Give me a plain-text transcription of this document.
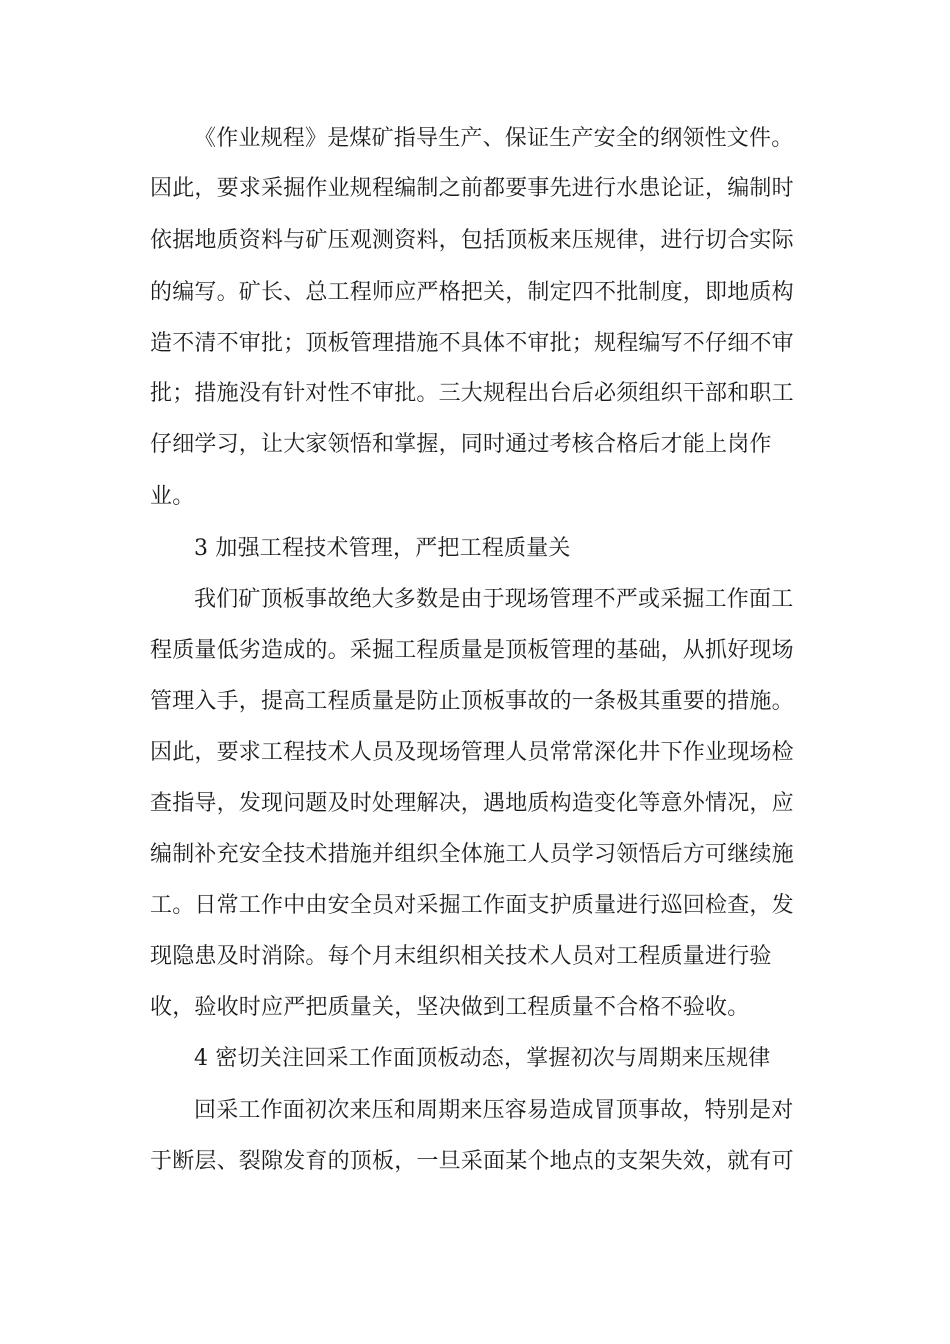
《作业规程》是煤矿指导生产、保证生产安全的纲领性文件。

因此，要求采掘作业规程编制之前都要事先进行水患论证，编制时

依据地质资料与矿压观测资料，包括顶板来压规律，进行切合实际

的编写。矿长、总工程师应严格把关，制定四不批制度，即地质构

造不清不审批；顶板管理措施不具体不审批；规程编写不仔细不审

批；措施没有针对性不审批。三大规程出台后必须组织干部和职工

仔细学习，让大家领悟和掌握，同时通过考核合格后才能上岗作

业。

3 加强工程技术管理，严把工程质量关

我们矿顶板事故绝大多数是由于现场管理不严或采掘工作面工

程质量低劣造成的。采掘工程质量是顶板管理的基础，从抓好现场

管理入手，提高工程质量是防止顶板事故的一条极其重要的措施。

因此，要求工程技术人员及现场管理人员常常深化井下作业现场检

查指导，发现问题及时处理解决，遇地质构造变化等意外情况，应

编制补充安全技术措施并组织全体施工人员学习领悟后方可继续施

工。日常工作中由安全员对采掘工作面支护质量进行巡回检查，发

现隐患及时消除。每个月末组织相关技术人员对工程质量进行验

收，验收时应严把质量关，坚决做到工程质量不合格不验收。

4 密切关注回采工作面顶板动态，掌握初次与周期来压规律

回采工作面初次来压和周期来压容易造成冒顶事故，特别是对

于断层、裂隙发育的顶板，一旦采面某个地点的支架失效，就有可
